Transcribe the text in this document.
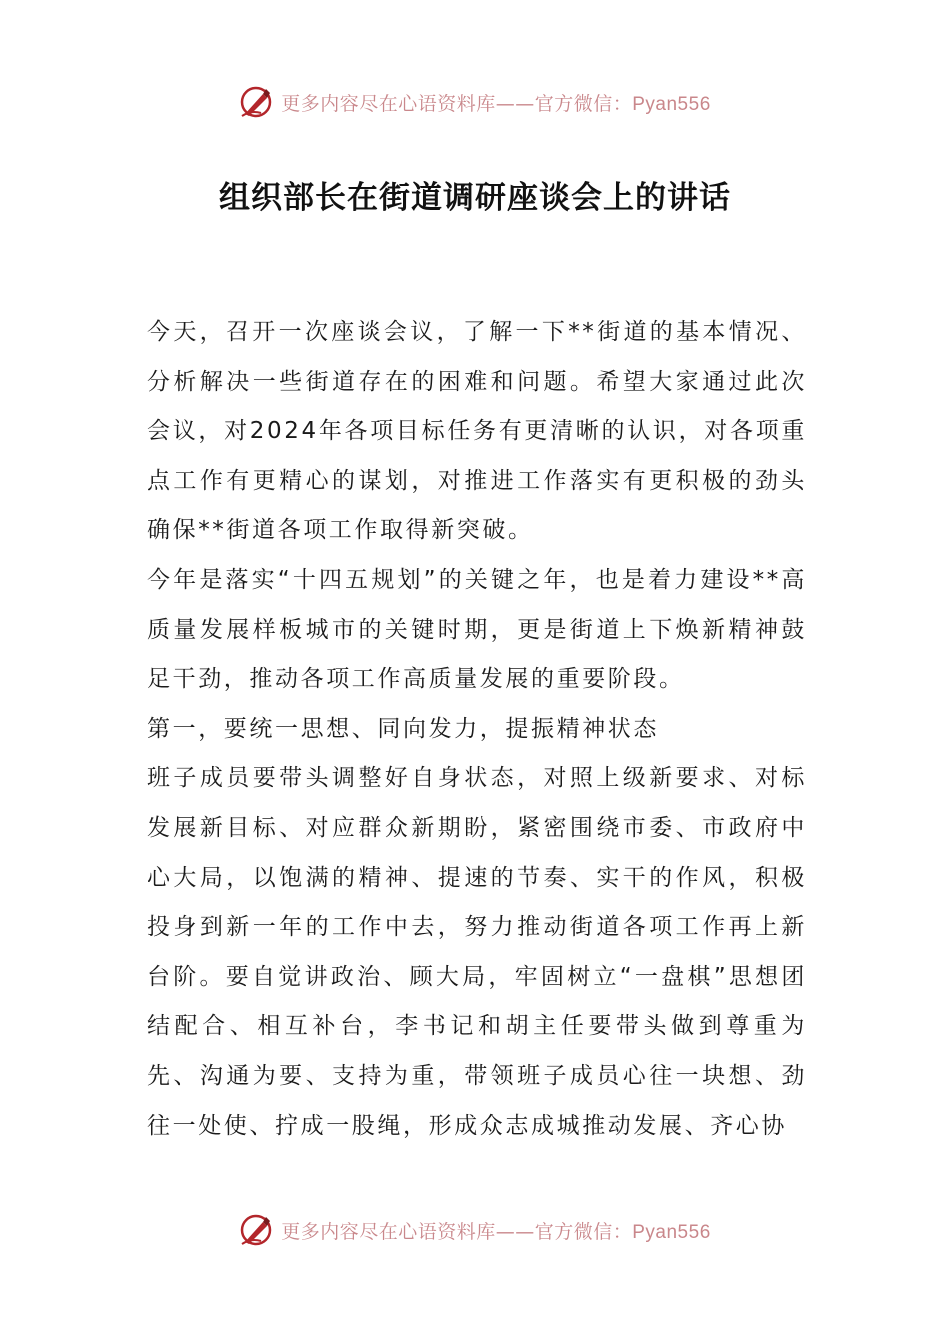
更多内容尽在心语资料库——官方微信：Pyan556
组织部长在街道调研座谈会上的讲话

今天，召开一次座谈会议，了解一下**街道的基本情况、分析解决一些街道存在的困难和问题。希望大家通过此次会议，对2024年各项目标任务有更清晰的认识，对各项重点工作有更精心的谋划，对推进工作落实有更积极的劲头确保**街道各项工作取得新突破。

今年是落实“十四五规划”的关键之年，也是着力建设**高质量发展样板城市的关键时期，更是街道上下焕新精神鼓足干劲，推动各项工作高质量发展的重要阶段。

第一，要统一思想、同向发力，提振精神状态

班子成员要带头调整好自身状态，对照上级新要求、对标发展新目标、对应群众新期盼，紧密围绕市委、市政府中心大局，以饱满的精神、提速的节奏、实干的作风，积极投身到新一年的工作中去，努力推动街道各项工作再上新台阶。要自觉讲政治、顾大局，牢固树立“一盘棋”思想团结配合、相互补台，李书记和胡主任要带头做到尊重为先、沟通为要、支持为重，带领班子成员心往一块想、劲往一处使、拧成一股绳，形成众志成城推动发展、齐心协

更多内容尽在心语资料库——官方微信：Pyan556
